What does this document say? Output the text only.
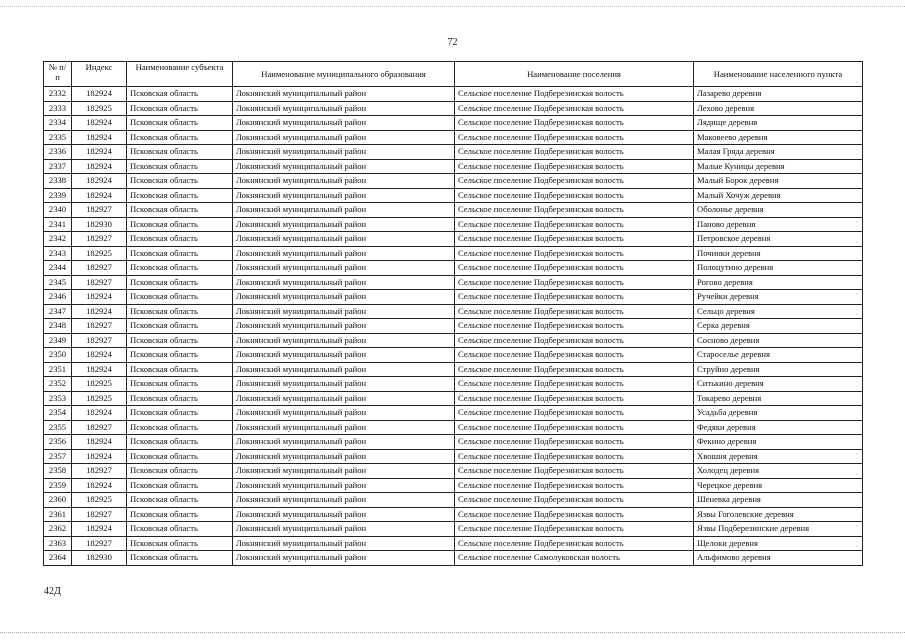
72
№ п/п	Индекс	Наименование субъекта	Наименование муниципального образования	Наименование поселения	Наименование населенного пункта
2332	182924	Псковская область	Локнянский муниципальный район	Сельское поселение Подберезинская волость	Лазарево деревня
2333	182925	Псковская область	Локнянский муниципальный район	Сельское поселение Подберезинская волость	Лехово деревня
2334	182924	Псковская область	Локнянский муниципальный район	Сельское поселение Подберезинская волость	Лядище деревня
2335	182924	Псковская область	Локнянский муниципальный район	Сельское поселение Подберезинская волость	Маковеево деревня
2336	182924	Псковская область	Локнянский муниципальный район	Сельское поселение Подберезинская волость	Малая Гряда деревня
2337	182924	Псковская область	Локнянский муниципальный район	Сельское поселение Подберезинская волость	Малые Куницы деревня
2338	182924	Псковская область	Локнянский муниципальный район	Сельское поселение Подберезинская волость	Малый Борок деревня
2339	182924	Псковская область	Локнянский муниципальный район	Сельское поселение Подберезинская волость	Малый Хочуж деревня
2340	182927	Псковская область	Локнянский муниципальный район	Сельское поселение Подберезинская волость	Оболонье деревня
2341	182930	Псковская область	Локнянский муниципальный район	Сельское поселение Подберезинская волость	Паново деревня
2342	182927	Псковская область	Локнянский муниципальный район	Сельское поселение Подберезинская волость	Петровское деревня
2343	182925	Псковская область	Локнянский муниципальный район	Сельское поселение Подберезинская волость	Починки деревня
2344	182927	Псковская область	Локнянский муниципальный район	Сельское поселение Подберезинская волость	Полоцутино деревня
2345	182927	Псковская область	Локнянский муниципальный район	Сельское поселение Подберезинская волость	Рогово деревня
2346	182924	Псковская область	Локнянский муниципальный район	Сельское поселение Подберезинская волость	Ручейки деревня
2347	182924	Псковская область	Локнянский муниципальный район	Сельское поселение Подберезинская волость	Сельцо деревня
2348	182927	Псковская область	Локнянский муниципальный район	Сельское поселение Подберезинская волость	Серка деревня
2349	182927	Псковская область	Локнянский муниципальный район	Сельское поселение Подберезинская волость	Сосново деревня
2350	182924	Псковская область	Локнянский муниципальный район	Сельское поселение Подберезинская волость	Староселье деревня
2351	182924	Псковская область	Локнянский муниципальный район	Сельское поселение Подберезинская волость	Струйно деревня
2352	182925	Псковская область	Локнянский муниципальный район	Сельское поселение Подберезинская волость	Ситькино деревня
2353	182925	Псковская область	Локнянский муниципальный район	Сельское поселение Подберезинская волость	Токарево деревня
2354	182924	Псковская область	Локнянский муниципальный район	Сельское поселение Подберезинская волость	Усадьба деревня
2355	182927	Псковская область	Локнянский муниципальный район	Сельское поселение Подберезинская волость	Федяки деревня
2356	182924	Псковская область	Локнянский муниципальный район	Сельское поселение Подберезинская волость	Фекино деревня
2357	182924	Псковская область	Локнянский муниципальный район	Сельское поселение Подберезинская волость	Хвошня деревня
2358	182927	Псковская область	Локнянский муниципальный район	Сельское поселение Подберезинская волость	Холодец деревня
2359	182924	Псковская область	Локнянский муниципальный район	Сельское поселение Подберезинская волость	Черецкое деревня
2360	182925	Псковская область	Локнянский муниципальный район	Сельское поселение Подберезинская волость	Шеневка деревня
2361	182927	Псковская область	Локнянский муниципальный район	Сельское поселение Подберезинская волость	Язвы Гоголевские деревня
2362	182924	Псковская область	Локнянский муниципальный район	Сельское поселение Подберезинская волость	Язвы Подберезинские деревня
2363	182927	Псковская область	Локнянский муниципальный район	Сельское поселение Подберезинская волость	Щелоки деревня
2364	182930	Псковская область	Локнянский муниципальный район	Сельское поселение Самолуковская волость	Альфимово деревня
42Д
